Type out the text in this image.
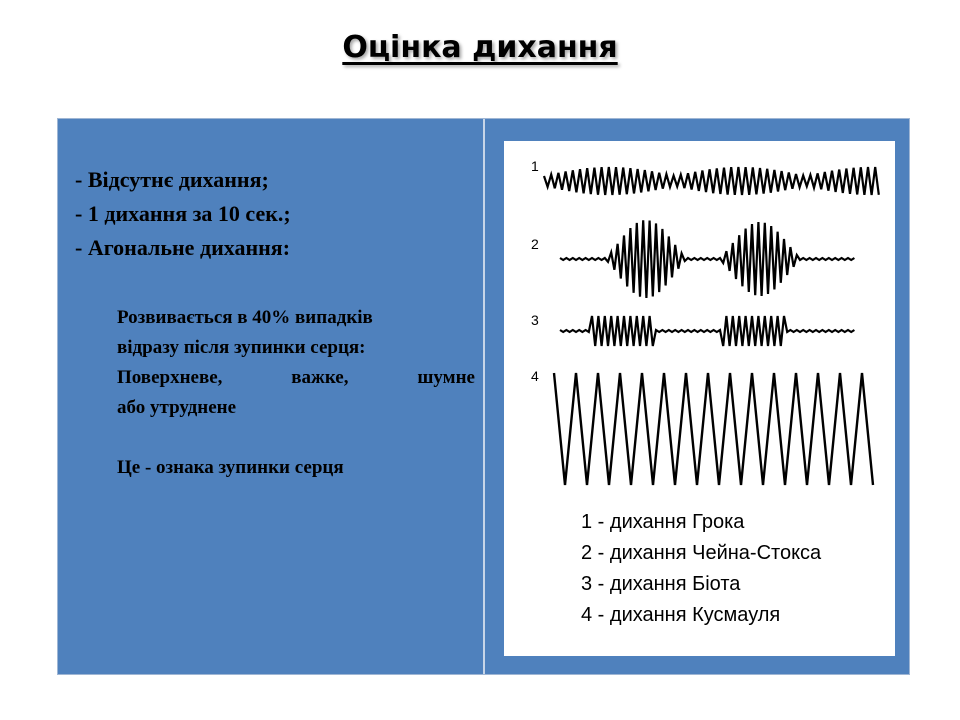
Оцінка дихання
- Відсутнє дихання;
- 1 дихання за 10 сек.;
- Агональне дихання:

Розвивається в 40% випадків

відразу після зупинки серця:

Поверхневе, важке, шумне

або утруднене

Це - ознака зупинки серця

1
2
3
4
1 - дихання Грока
2 - дихання Чейна-Стокса
3 - дихання Біота
4 - дихання Кусмауля
